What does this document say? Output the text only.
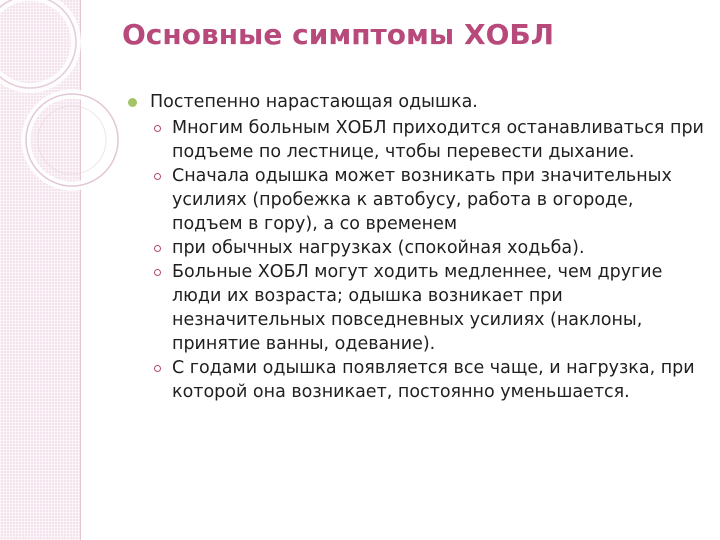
Основные симптомы ХОБЛ
Постепенно нарастающая одышка.
Многим больным ХОБЛ приходится останавливаться при подъеме по лестнице, чтобы перевести дыхание.
Сначала одышка может возникать при значительных усилиях (пробежка к автобусу, работа в огороде, подъем в гору), а со временем
при обычных нагрузках (спокойная ходьба).
Больные ХОБЛ могут ходить медленнее, чем другие люди их возраста; одышка возникает при незначительных повседневных усилиях (наклоны, принятие ванны, одевание).
С годами одышка появляется все чаще, и нагрузка, при которой она возникает, постоянно уменьшается.
